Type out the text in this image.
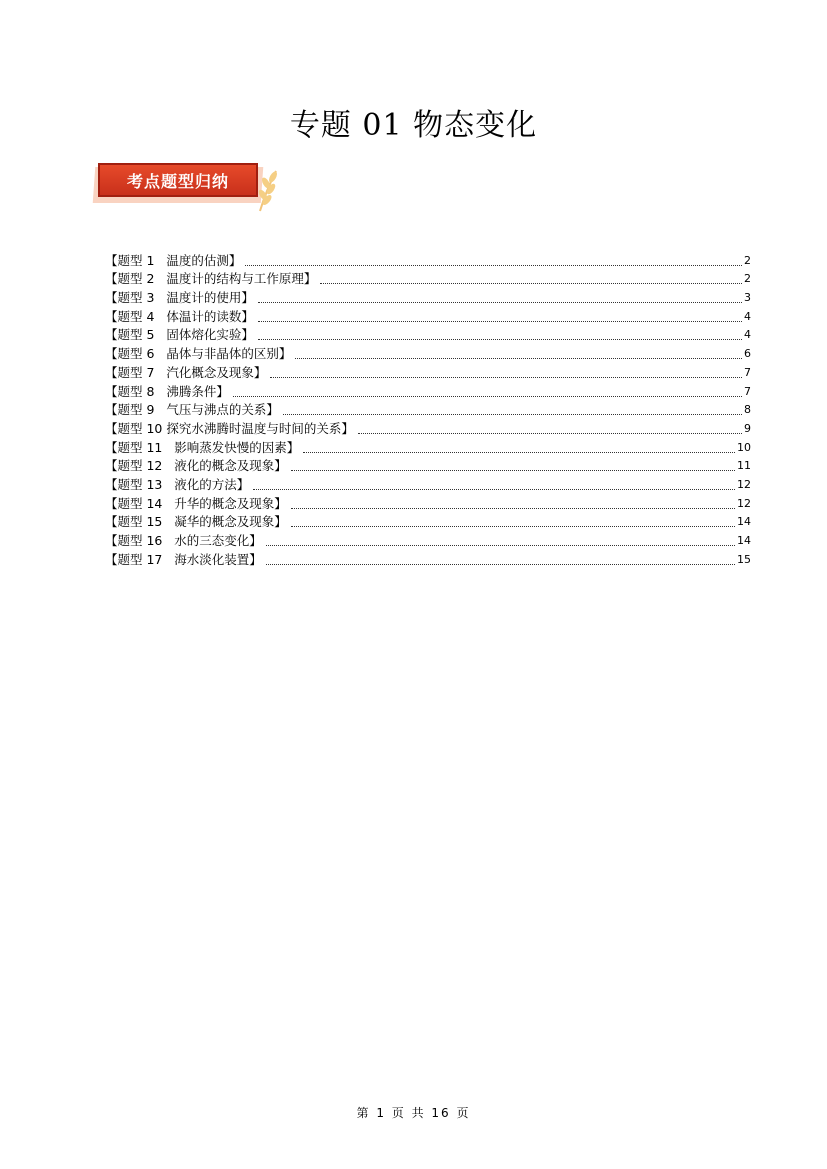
专题 01 物态变化
考点题型归纳
【题型 1   温度的估测】	2
【题型 2   温度计的结构与工作原理】	2
【题型 3   温度计的使用】	3
【题型 4   体温计的读数】	4
【题型 5   固体熔化实验】	4
【题型 6   晶体与非晶体的区别】	6
【题型 7   汽化概念及现象】	7
【题型 8   沸腾条件】	7
【题型 9   气压与沸点的关系】	8
【题型 10 探究水沸腾时温度与时间的关系】	9
【题型 11   影响蒸发快慢的因素】	10
【题型 12   液化的概念及现象】	11
【题型 13   液化的方法】	12
【题型 14   升华的概念及现象】	12
【题型 15   凝华的概念及现象】	14
【题型 16   水的三态变化】	14
【题型 17   海水淡化装置】	15
第 1 页 共 16 页
